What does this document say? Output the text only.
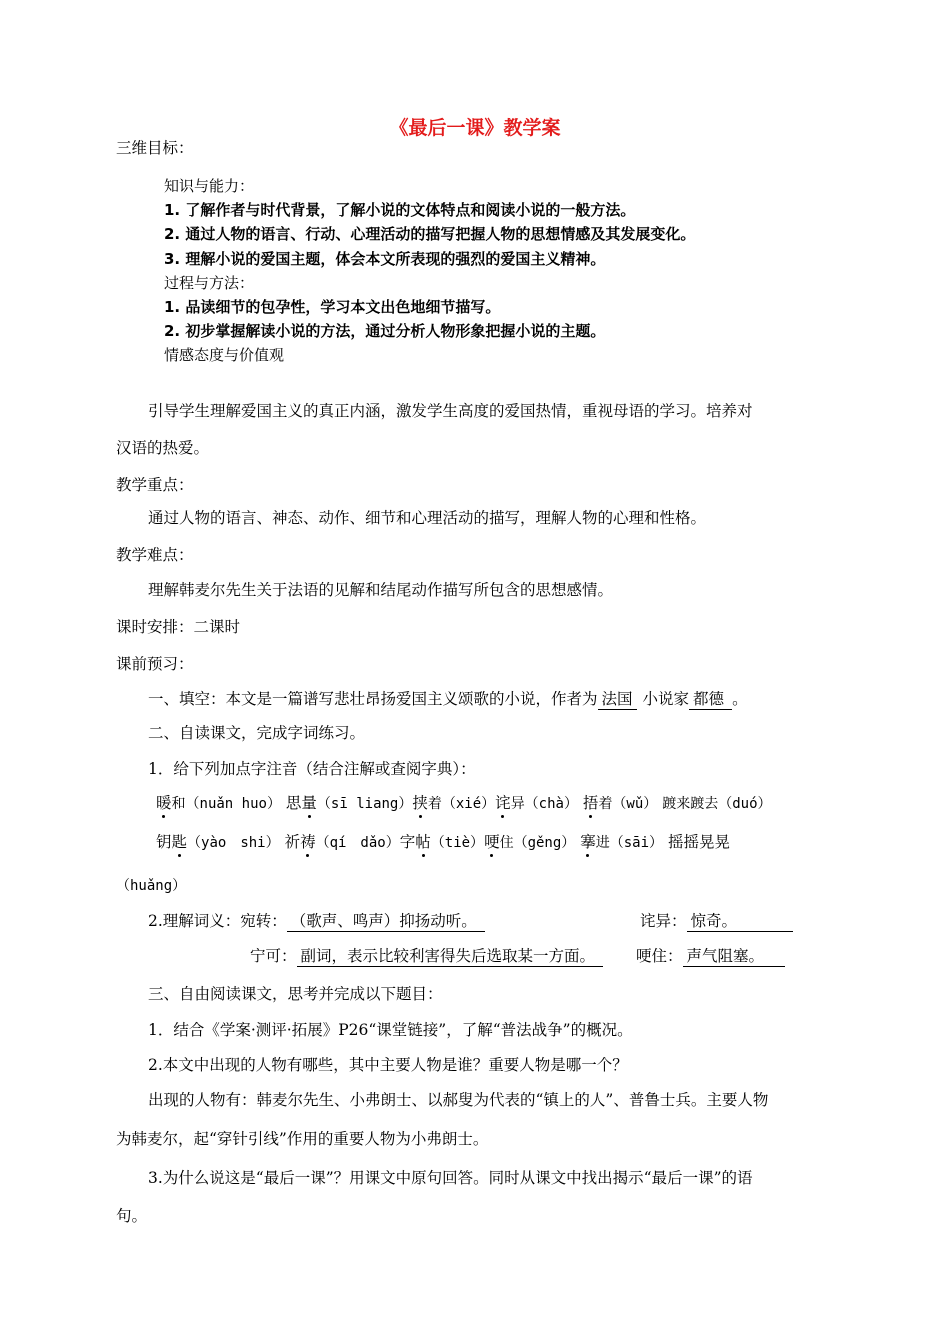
《最后一课》教学案
三维目标：
知识与能力：
1. 了解作者与时代背景，了解小说的文体特点和阅读小说的一般方法。
2. 通过人物的语言、行动、心理活动的描写把握人物的思想情感及其发展变化。
3. 理解小说的爱国主题，体会本文所表现的强烈的爱国主义精神。
过程与方法：
1. 品读细节的包孕性，学习本文出色地细节描写。
2. 初步掌握解读小说的方法，通过分析人物形象把握小说的主题。
情感态度与价值观
引导学生理解爱国主义的真正内涵，激发学生高度的爱国热情，重视母语的学习。培养对
汉语的热爱。
教学重点：
通过人物的语言、神态、动作、细节和心理活动的描写，理解人物的心理和性格。
教学难点：
理解韩麦尔先生关于法语的见解和结尾动作描写所包含的思想感情。
课时安排：二课时
课前预习：
一、填空：本文是一篇谱写悲壮昂扬爱国主义颂歌的小说，作者为 法国 小说家 都德 。
二、自读课文，完成字词练习。
1．给下列加点字注音（结合注解或查阅字典）：
暖和（nuǎn huo） 思量（sī liang）挟着（xié）诧异（chà） 捂着（wǔ） 踱来踱去（duó）
钥匙（yào　shi） 祈祷（qí　dǎo）字帖（tiè）哽住（gěng） 搴进（sāi） 摇摇晃晃
（huǎng）
2.理解词义：宛转： （歌声、鸣声）抑扬动听。	诧异： 惊奇。
宁可： 副词，表示比较利害得失后选取某一方面。	哽住： 声气阻塞。
三、自由阅读课文，思考并完成以下题目：
1．结合《学案·测评·拓展》P26“课堂链接”，了解“普法战争”的概况。
2.本文中出现的人物有哪些，其中主要人物是谁？重要人物是哪一个？
出现的人物有：韩麦尔先生、小弗朗士、以郝叟为代表的“镇上的人”、普鲁士兵。主要人物
为韩麦尔，起“穿针引线”作用的重要人物为小弗朗士。
3.为什么说这是“最后一课”？用课文中原句回答。同时从课文中找出揭示“最后一课”的语
句。
